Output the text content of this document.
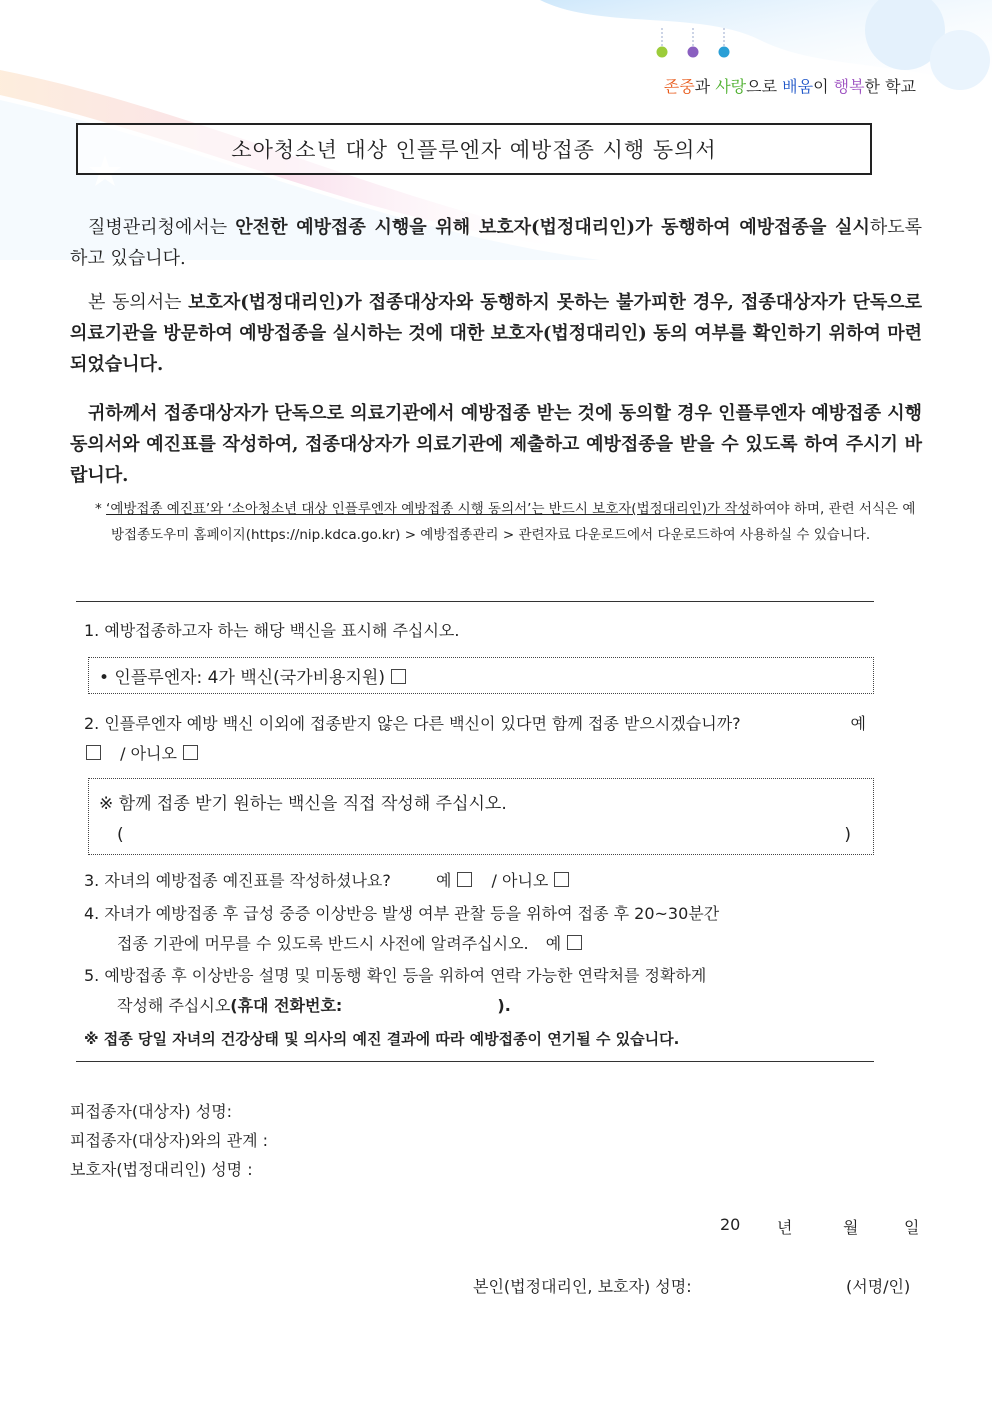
존중과 사랑으로 배움이 행복한 학교
소아청소년 대상 인플루엔자 예방접종 시행 동의서

질병관리청에서는 안전한 예방접종 시행을 위해 보호자(법정대리인)가 동행하여 예방접종을 실시하도록 하고 있습니다.

본 동의서는 보호자(법정대리인)가 접종대상자와 동행하지 못하는 불가피한 경우, 접종대상자가 단독으로 의료기관을 방문하여 예방접종을 실시하는 것에 대한 보호자(법정대리인) 동의 여부를 확인하기 위하여 마련되었습니다.

귀하께서 접종대상자가 단독으로 의료기관에서 예방접종 받는 것에 동의할 경우 인플루엔자 예방접종 시행 동의서와 예진표를 작성하여, 접종대상자가 의료기관에 제출하고 예방접종을 받을 수 있도록 하여 주시기 바랍니다.

* ‘예방접종 예진표’와 ‘소아청소년 대상 인플루엔자 예방접종 시행 동의서’는 반드시 보호자(법정대리인)가 작성하여야 하며, 관련 서식은 예방접종도우미 홈페이지(https://nip.kdca.go.kr) > 예방접종관리 > 관련자료 다운로드에서 다운로드하여 사용하실 수 있습니다.

1. 예방접종하고자 하는 해당 백신을 표시해 주십시오.

• 인플루엔자: 4가 백신(국가비용지원)

2. 인플루엔자 예방 백신 이외에 접종받지 않은 다른 백신이 있다면 함께 접종 받으시겠습니까?	예

/ 아니오

※ 함께 접종 받기 원하는 백신을 직접 작성해 주십시오.
(	)

3. 자녀의 예방접종 예진표를 작성하셨나요?	예	/ 아니오

4. 자녀가 예방접종 후 급성 중증 이상반응 발생 여부 관찰 등을 위하여 접종 후 20~30분간

접종 기관에 머무를 수 있도록 반드시 사전에 알려주십시오. 예

5. 예방접종 후 이상반응 설명 및 미동행 확인 등을 위하여 연락 가능한 연락처를 정확하게

작성해 주십시오(휴대 전화번호:	).

※ 접종 당일 자녀의 건강상태 및 의사의 예진 결과에 따라 예방접종이 연기될 수 있습니다.

피접종자(대상자) 성명:
피접종자(대상자)와의 관계 :
보호자(법정대리인) 성명 :
20 년	월	일
본인(법정대리인, 보호자) 성명:	(서명/인)
